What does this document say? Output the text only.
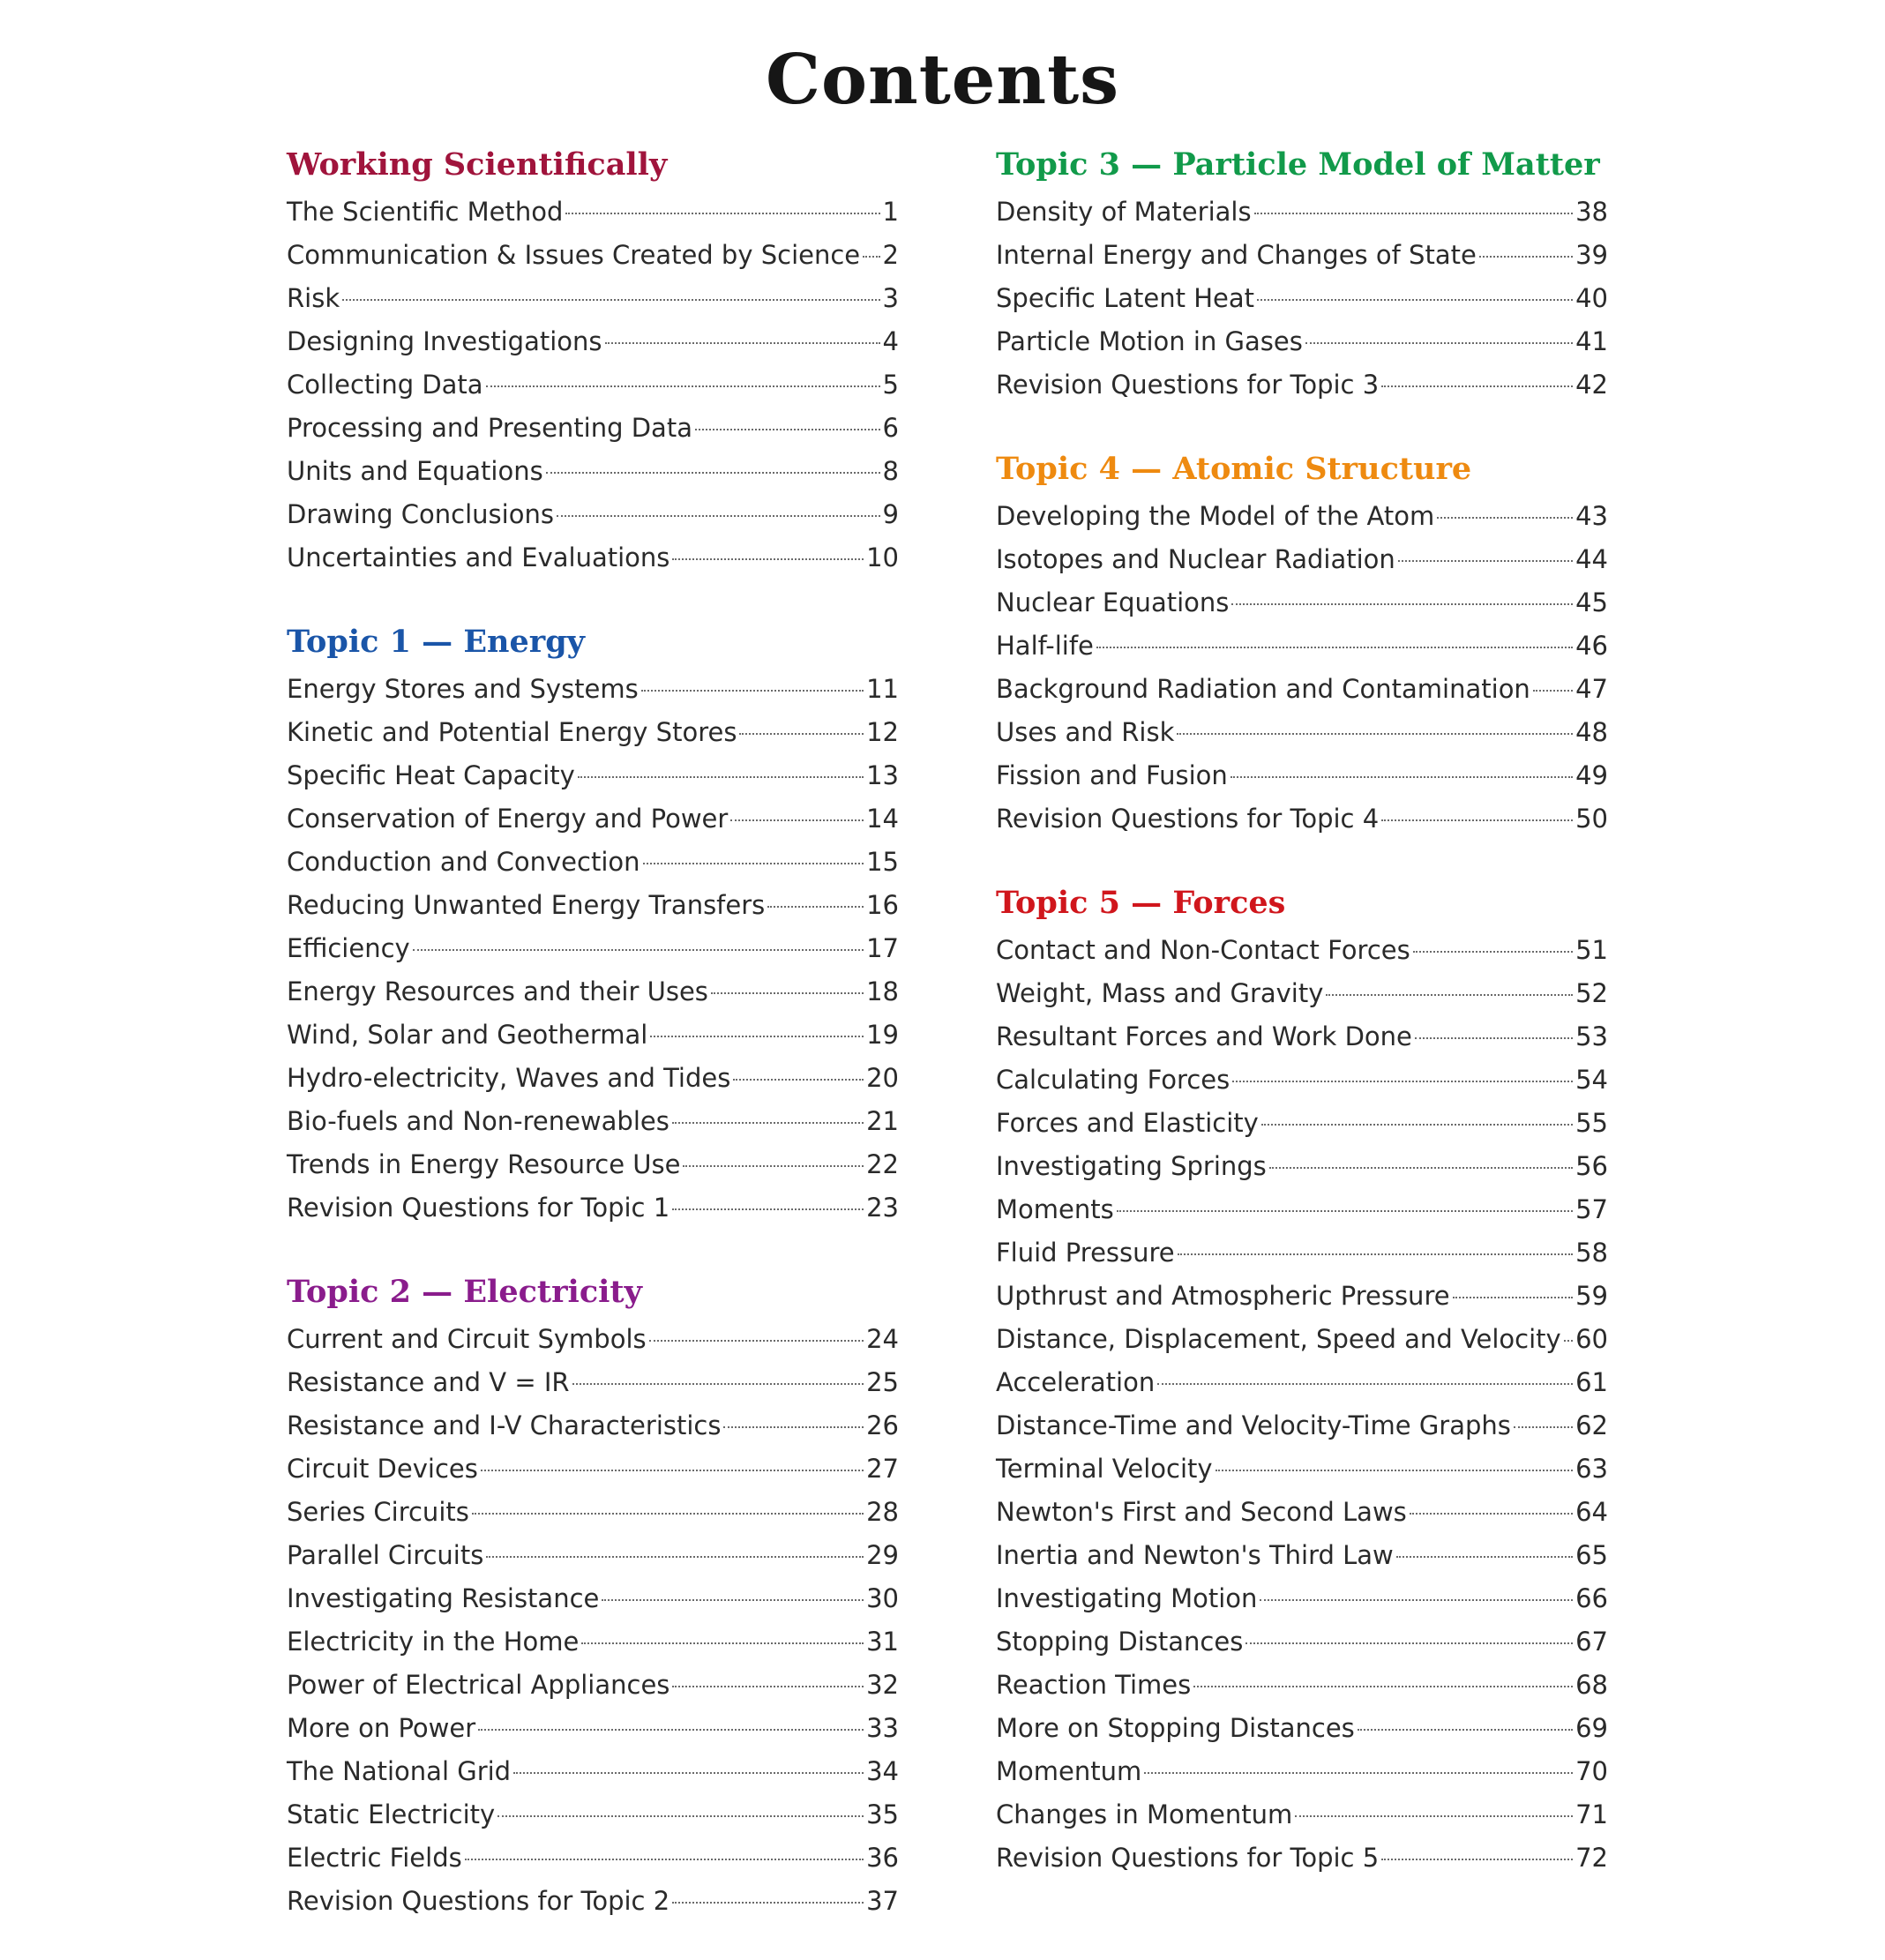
Contents
Working Scientifically
The Scientific Method	1
Communication & Issues Created by Science 2
Risk	3
Designing Investigations	4
Collecting Data	5
Processing and Presenting Data	6
Units and Equations	8
Drawing Conclusions	9
Uncertainties and Evaluations	10
Topic 1 — Energy
Energy Stores and Systems	11
Kinetic and Potential Energy Stores	12
Specific Heat Capacity	13
Conservation of Energy and Power	14
Conduction and Convection	15
Reducing Unwanted Energy Transfers	16
Efficiency	17
Energy Resources and their Uses	18
Wind, Solar and Geothermal	19
Hydro-electricity, Waves and Tides	20
Bio-fuels and Non-renewables	21
Trends in Energy Resource Use	22
Revision Questions for Topic 1	23
Topic 2 — Electricity
Current and Circuit Symbols	24
Resistance and V = IR	25
Resistance and I-V Characteristics	26
Circuit Devices	27
Series Circuits	28
Parallel Circuits	29
Investigating Resistance	30
Electricity in the Home	31
Power of Electrical Appliances	32
More on Power	33
The National Grid	34
Static Electricity	35
Electric Fields	36
Revision Questions for Topic 2	37
Topic 3 — Particle Model of Matter
Density of Materials	38
Internal Energy and Changes of State	39
Specific Latent Heat	40
Particle Motion in Gases	41
Revision Questions for Topic 3	42
Topic 4 — Atomic Structure
Developing the Model of the Atom	43
Isotopes and Nuclear Radiation	44
Nuclear Equations	45
Half-life	46
Background Radiation and Contamination 47
Uses and Risk	48
Fission and Fusion	49
Revision Questions for Topic 4	50
Topic 5 — Forces
Contact and Non-Contact Forces	51
Weight, Mass and Gravity	52
Resultant Forces and Work Done	53
Calculating Forces	54
Forces and Elasticity	55
Investigating Springs	56
Moments	57
Fluid Pressure	58
Upthrust and Atmospheric Pressure	59
Distance, Displacement, Speed and Velocity 60
Acceleration	61
Distance-Time and Velocity-Time Graphs	62
Terminal Velocity	63
Newton's First and Second Laws	64
Inertia and Newton's Third Law	65
Investigating Motion	66
Stopping Distances	67
Reaction Times	68
More on Stopping Distances	69
Momentum	70
Changes in Momentum	71
Revision Questions for Topic 5	72
